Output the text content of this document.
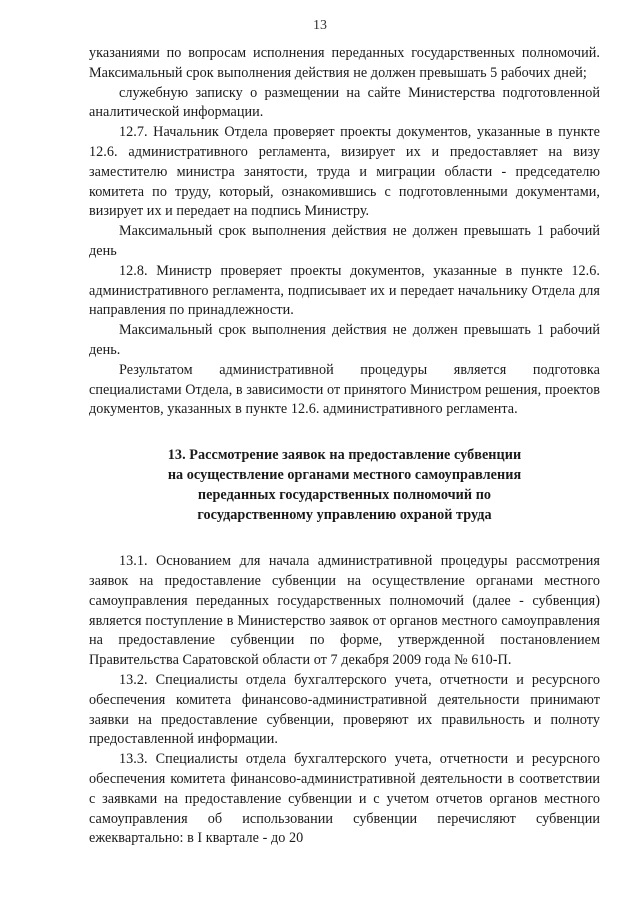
13

указаниями по вопросам исполнения переданных государственных полномочий. Максимальный срок выполнения действия не должен превышать 5 рабочих дней;

служебную записку о размещении на сайте Министерства подготовленной аналитической информации.

12.7. Начальник Отдела проверяет проекты документов, указанные в пункте 12.6. административного регламента, визирует их и предоставляет на визу заместителю министра занятости, труда и миграции области - председателю комитета по труду, который, ознакомившись с подготовленными документами, визирует их и передает на подпись Министру.

Максимальный срок выполнения действия не должен превышать 1 рабочий день

12.8. Министр проверяет проекты документов, указанные в пункте 12.6. административного регламента, подписывает их и передает начальнику Отдела для направления по принадлежности.

Максимальный срок выполнения действия не должен превышать 1 рабочий день.

Результатом административной процедуры является подготовка специалистами Отдела, в зависимости от принятого Министром решения, проектов документов, указанных в пункте 12.6. административного регламента.

13. Рассмотрение заявок на предоставление субвенции
на осуществление органами местного самоуправления
переданных государственных полномочий по
государственному управлению охраной труда

13.1. Основанием для начала административной процедуры рассмотрения заявок на предоставление субвенции на осуществление органами местного самоуправления переданных государственных полномочий (далее - субвенция) является поступление в Министерство заявок от органов местного самоуправления на предоставление субвенции по форме, утвержденной постановлением Правительства Саратовской области от 7 декабря 2009 года № 610-П.

13.2. Специалисты отдела бухгалтерского учета, отчетности и ресурсного обеспечения комитета финансово-административной деятельности принимают заявки на предоставление субвенции, проверяют их правильность и полноту предоставленной информации.

13.3. Специалисты отдела бухгалтерского учета, отчетности и ресурсного обеспечения комитета финансово-административной деятельности в соответствии с заявками на предоставление субвенции и с учетом отчетов органов местного самоуправления об использовании субвенции перечисляют субвенции ежеквартально: в I квартале - до 20
